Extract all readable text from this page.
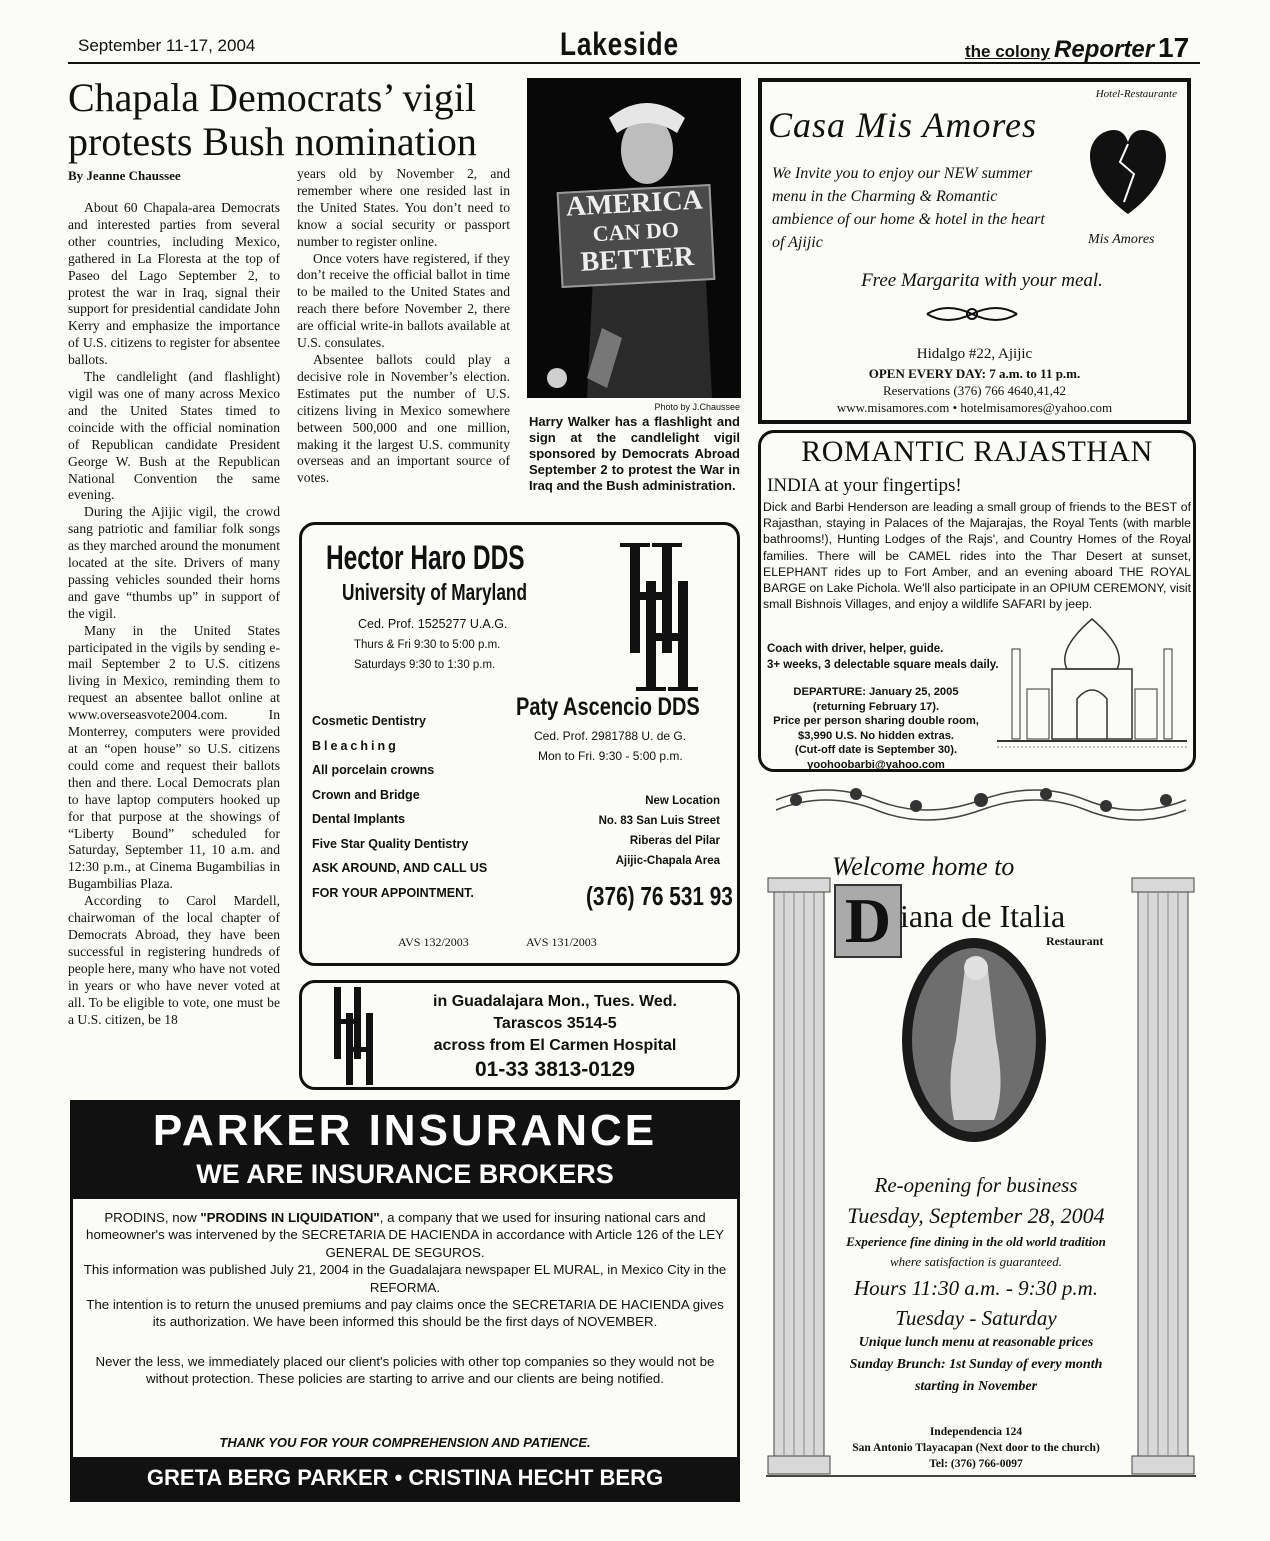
September 11-17, 2004	Lakeside	the colony Reporter 17
Chapala Democrats’ vigil
protests Bush nomination
By Jeanne Chaussee

About 60 Chapala-area Democrats and interested parties from several other countries, including Mexico, gathered in La Floresta at the top of Paseo del Lago September 2, to protest the war in Iraq, signal their support for presidential candidate John Kerry and emphasize the importance of U.S. citizens to register for absentee ballots.

The candlelight (and flashlight) vigil was one of many across Mexico and the United States timed to coincide with the official nomination of Republican candidate President George W. Bush at the Republican National Convention the same evening.

During the Ajijic vigil, the crowd sang patriotic and familiar folk songs as they marched around the monument located at the site. Drivers of many passing vehicles sounded their horns and gave “thumbs up” in support of the vigil.

Many in the United States participated in the vigils by sending e-mail September 2 to U.S. citizens living in Mexico, reminding them to request an absentee ballot online at www.overseasvote2004.com. In Monterrey, computers were provided at an “open house” so U.S. citizens could come and request their ballots then and there. Local Democrats plan to have laptop computers hooked up for that purpose at the showings of “Liberty Bound” scheduled for Saturday, September 11, 10 a.m. and 12:30 p.m., at Cinema Bugambilias in Bugambilias Plaza.

According to Carol Mardell, chairwoman of the local chapter of Democrats Abroad, they have been successful in registering hundreds of people here, many who have not voted in years or who have never voted at all. To be eligible to vote, one must be a U.S. citizen, be 18

years old by November 2, and remember where one resided last in the United States. You don’t need to know a social security or passport number to register online.

Once voters have registered, if they don’t receive the official ballot in time to be mailed to the United States and reach there before November 2, there are official write-in ballots available at U.S. consulates.

Absentee ballots could play a decisive role in November’s election. Estimates put the number of U.S. citizens living in Mexico somewhere between 500,000 and one million, making it the largest U.S. community overseas and an important source of votes.

AMERICA
CAN DO
BETTER
Photo by J.Chaussee
Harry Walker has a flashlight and sign at the candlelight vigil sponsored by Democrats Abroad September 2 to protest the War in Iraq and the Bush administration.
Hotel-Restaurante
Casa Mis Amores
Mis Amores
We Invite you to enjoy our NEW summer menu in the Charming & Romantic ambience of our home & hotel in the heart of Ajijic
Free Margarita with your meal.
Hidalgo #22, Ajijic
OPEN EVERY DAY: 7 a.m. to 11 p.m.
Reservations (376) 766 4640,41,42
www.misamores.com • hotelmisamores@yahoo.com
ROMANTIC RAJASTHAN
INDIA at your fingertips!
Dick and Barbi Henderson are leading a small group of friends to the BEST of Rajasthan, staying in Palaces of the Majarajas, the Royal Tents (with marble bathrooms!), Hunting Lodges of the Rajs', and Country Homes of the Royal families. There will be CAMEL rides into the Thar Desert at sunset, ELEPHANT rides up to Fort Amber, and an evening aboard THE ROYAL BARGE on Lake Pichola. We'll also participate in an OPIUM CEREMONY, visit small Bishnois Villages, and enjoy a wildlife SAFARI by jeep.
Coach with driver, helper, guide.
3+ weeks, 3 delectable square meals daily.
DEPARTURE: January 25, 2005
(returning February 17).
Price per person sharing double room,
$3,990 U.S. No hidden extras.
(Cut-off date is September 30).
yoohoobarbi@yahoo.com
Hector Haro DDS
University of Maryland
Ced. Prof. 1525277 U.A.G.
Thurs & Fri 9:30 to 5:00 p.m.
Saturdays 9:30 to 1:30 p.m.
Cosmetic Dentistry
Bleaching
All porcelain crowns
Crown and Bridge
Dental Implants
Five Star Quality Dentistry
ASK AROUND, AND CALL US
FOR YOUR APPOINTMENT.
Paty Ascencio DDS
Ced. Prof. 2981788 U. de G.
Mon to Fri. 9:30 - 5:00 p.m.
New Location
No. 83 San Luis Street
Riberas del Pilar
Ajijic-Chapala Area
(376) 76 531 93
AVS 132/2003	AVS 131/2003
in Guadalajara Mon., Tues. Wed.
Tarascos 3514-5
across from El Carmen Hospital
01-33 3813-0129
PARKER INSURANCE
WE ARE INSURANCE BROKERS

PRODINS, now "PRODINS IN LIQUIDATION", a company that we used for insuring national cars and homeowner's was intervened by the SECRETARIA DE HACIENDA in accordance with Article 126 of the LEY GENERAL DE SEGUROS.

This information was published July 21, 2004 in the Guadalajara newspaper EL MURAL, in Mexico City in the REFORMA.

The intention is to return the unused premiums and pay claims once the SECRETARIA DE HACIENDA gives its authorization. We have been informed this should be the first days of NOVEMBER.

Never the less, we immediately placed our client's policies with other top companies so they would not be without protection. These policies are starting to arrive and our clients are being notified.

THANK YOU FOR YOUR COMPREHENSION AND PATIENCE.
GRETA BERG PARKER • CRISTINA HECHT BERG
Welcome home to
D iana de Italia
Restaurant
Re-opening for business
Tuesday, September 28, 2004
Experience fine dining in the old world tradition
where satisfaction is guaranteed.
Hours 11:30 a.m. - 9:30 p.m.
Tuesday - Saturday
Unique lunch menu at reasonable prices
Sunday Brunch: 1st Sunday of every month
starting in November
Independencia 124
San Antonio Tlayacapan (Next door to the church)
Tel: (376) 766-0097
